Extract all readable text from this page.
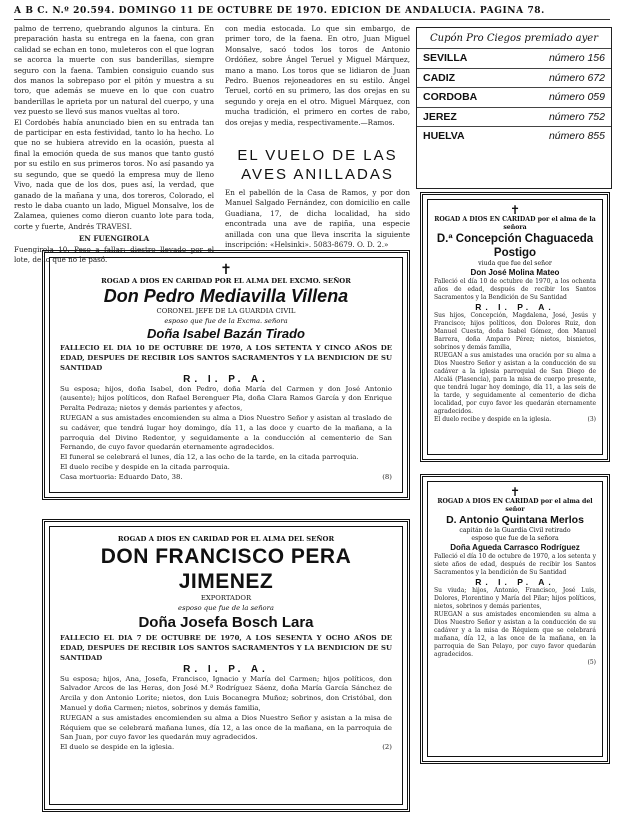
A B C. N.º 20.594. DOMINGO 11 DE OCTUBRE DE 1970. EDICION DE ANDALUCIA. PAGINA 78.

palmo de terreno, quebrando algunos la cintura. En preparación hasta su entrega en la faena, con gran calidad se echan en tono, muleteros con el que logran se acorca la muerte con sus banderillas, siempre seguro con la faena. Tambien consiguio cuando sus dos manos la sobrepaso por el pitón y muestra a su toro, que además se mueve en lo que con cuatro banderillas le aprieta por un natural del cuerpo, y una vez puesto se llevó sus manos vueltas al toro.

El Cordobés había anunciado bien en su entrada tan de participar en esta festividad, tanto lo ha hecho. Lo que no se hubiera atrevido en la ocasión, puesta al final la emoción queda de sus manos que tanto gustó por su estilo en sus primeros toros. No así pasando ya su segundo, que se quedó la empresa muy de lleno Vivo, nada que de los dos, pues así, la verdad, que ganado de la mañana y una, dos toreros, Colorado, el resto le daba cuanto un lado, Miguel Monsalve, los de Zalamea, quienes como dieron cuanto lote para toda, corte y fuerte, Andrés TRAVESI.

EN FUENGIROLA

Fuengirola 10. Peso a fallar: diestro llevado por el lote, de lo que no le pasó.

con media estocada. Lo que sin embargo, de primer toro, de la faena. En otro, Juan Miguel Monsalve, sacó todos los toros de Antonio Ordóñez, sobre Ángel Teruel y Miguel Márquez, mano a mano. Los toros que se lidiaron de Juan Pedro. Buenos rejoneadores en su estilo. Ángel Teruel, cortó en su primero, las dos orejas en su segundo y oreja en el otro. Miguel Márquez, con mucha tradición, el primero en cortes de rabo, dos orejas y media, respectivamente.—Ramos.

EL VUELO DE LAS
AVES ANILLADAS
En el pabellón de la Casa de Ramos, y por don Manuel Salgado Fernández, con domicilio en calle Guadiana, 17, de dicha localidad, ha sido encontrada una ave de rapiña, una especie anillada con una que lleva inscrita la siguiente inscripción: «Helsinki». 5083-8679. O. D. 2.»
Cupón Pro Ciegos premiado ayer
SEVILLA	número 156
CADIZ	número 672
CORDOBA	número 059
JEREZ	número 752
HUELVA	número 855
✝
ROGAD A DIOS EN CARIDAD POR EL ALMA DEL EXCMO. SEÑOR
Don Pedro Mediavilla Villena
CORONEL JEFE DE LA GUARDIA CIVIL
esposo que fue de la Excma. señora
Doña Isabel Bazán Tirado
FALLECIO EL DIA 10 DE OCTUBRE DE 1970, A LOS SETENTA Y CINCO AÑOS DE EDAD, DESPUES DE RECIBIR LOS SANTOS SACRAMENTOS Y LA BENDICION DE SU SANTIDAD
R. I. P. A.
Su esposa; hijos, doña Isabel, don Pedro, doña María del Carmen y don José Antonio (ausente); hijos políticos, don Rafael Berenguer Pla, doña Clara Ramos García y don Enrique Peralta Pedraza; nietos y demás parientes y afectos,
RUEGAN a sus amistades encomienden su alma a Dios Nuestro Señor y asistan al traslado de su cadáver, que tendrá lugar hoy domingo, día 11, a las doce y cuarto de la mañana, a la parroquia del Divino Redentor, y seguidamente a la conducción al cementerio de San Fernando, de cuyo favor quedarán eternamente agradecidos.
El funeral se celebrará el lunes, día 12, a las ocho de la tarde, en la citada parroquia.
El duelo recibe y despide en la citada parroquia.
Casa mortuoria: Eduardo Dato, 38.	(8)
ROGAD A DIOS EN CARIDAD POR EL ALMA DEL SEÑOR
DON FRANCISCO PERA JIMENEZ
EXPORTADOR
esposo que fue de la señora
Doña Josefa Bosch Lara
FALLECIO EL DIA 7 DE OCTUBRE DE 1970, A LOS SESENTA Y OCHO AÑOS DE EDAD, DESPUES DE RECIBIR LOS SANTOS SACRAMENTOS Y LA BENDICION DE SU SANTIDAD
R. I. P. A.
Su esposa; hijos, Ana, Josefa, Francisco, Ignacio y María del Carmen; hijos políticos, don Salvador Arcos de las Heras, don José M.ª Rodríguez Sáenz, doña María García Sánchez de Arcila y don Antonio Lorite; nietos, don Luis Bocanegra Muñoz; sobrinos, don Cristóbal, don Manuel y doña Carmen; nietos, sobrinos y demás familia,
RUEGAN a sus amistades encomienden su alma a Dios Nuestro Señor y asistan a la misa de Réquiem que se celebrará mañana lunes, día 12, a las once de la mañana, en la parroquia de San Juan, por cuyo favor les quedarán muy agradecidos.
El duelo se despide en la iglesia.	(2)
✝
ROGAD A DIOS EN CARIDAD por el alma de la señora
D.ª Concepción Chaguaceda Postigo
viuda que fue del señor
Don José Molina Mateo
Falleció el día 10 de octubre de 1970, a los ochenta años de edad, después de recibir los Santos Sacramentos y la Bendición de Su Santidad
R. I. P. A.
Sus hijos, Concepción, Magdalena, José, Jesús y Francisco; hijos políticos, don Dolores Ruiz, don Manuel Cuesta, doña Isabel Gómez, don Manuel Barrera, doña Amparo Pérez; nietos, bisnietos, sobrinos y demás familia,
RUEGAN a sus amistades una oración por su alma a Dios Nuestro Señor y asistan a la conducción de su cadáver a la iglesia parroquial de San Diego de Alcalá (Plasencia), para la misa de cuerpo presente, que tendrá lugar hoy domingo, día 11, a las seis de la tarde, y seguidamente al cementerio de dicha localidad, por cuyo favor les quedarán eternamente agradecidos.
El duelo recibe y despide en la iglesia.	(3)
✝
ROGAD A DIOS EN CARIDAD por el alma del señor
D. Antonio Quintana Merlos
capitán de la Guardia Civil retirado
esposo que fue de la señora
Doña Agueda Carrasco Rodríguez
Falleció el día 10 de octubre de 1970, a los setenta y siete años de edad, después de recibir los Santos Sacramentos y la bendición de Su Santidad
R. I. P. A.
Su viuda; hijos, Antonio, Francisco, José Luis, Dolores, Florentino y María del Pilar; hijos políticos, nietos, sobrinos y demás parientes,
RUEGAN a sus amistades encomienden su alma a Dios Nuestro Señor y asistan a la conducción de su cadáver y a la misa de Réquiem que se celebrará mañana, día 12, a las once de la mañana, en la parroquia de San Pelayo, por cuyo favor quedarán agradecidos.
(5)
